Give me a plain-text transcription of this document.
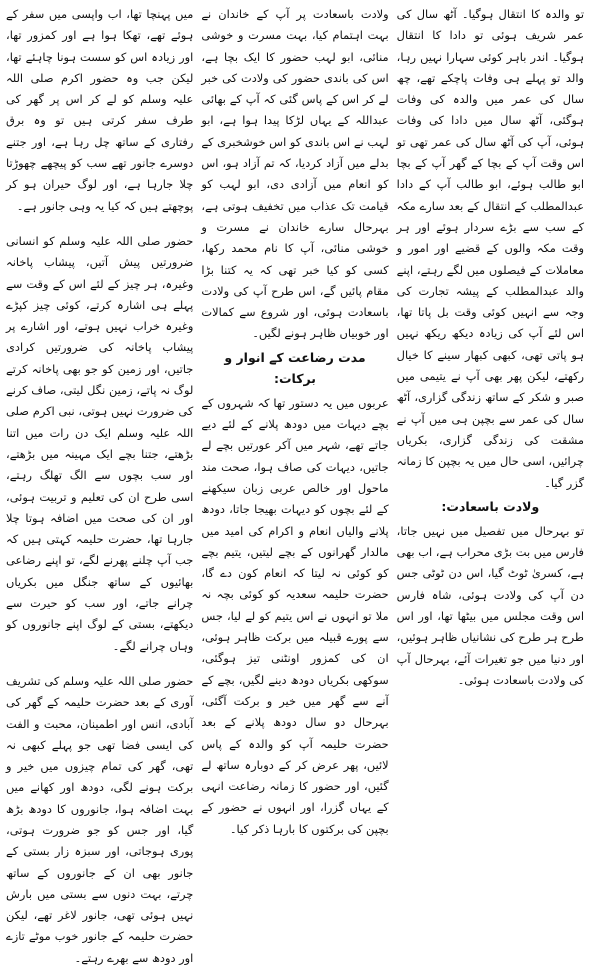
تو والدہ کا انتقال ہوگیا۔ آٹھ سال کی عمر شریف ہوئی تو دادا کا انتقال ہوگیا۔ اندر باہر کوئی سہارا نہیں رہا، والد تو پہلے ہی وفات پاچکے تھے، چھ سال کی عمر میں والدہ کی وفات ہوگئی، آٹھ سال میں دادا کی وفات ہوئی، آپ کی آٹھ سال کی عمر تھی تو اس وقت آپ کے بچا کے گھر آپ کے بچا ابو طالب ہوئے، ابو طالب آپ کے دادا عبدالمطلب کے انتقال کے بعد سارے مکہ کے سب سے بڑے سردار ہوئے اور ہر وقت مکہ والوں کے قضیے اور امور و معاملات کے فیصلوں میں لگے رہتے، اپنے والد عبدالمطلب کے پیشہ تجارت کی وجہ سے انہیں کوئی وقت بل پاتا تھا، اس لئے آپ کی زیادہ دیکھ ریکھ نہیں ہو پاتی تھی، کبھی کبھار سینے کا خیال رکھتے، لیکن پھر بھی آپ نے یتیمی میں صبر و شکر کے ساتھ زندگی گزاری، آٹھ سال کی عمر سے بچپن ہی میں آپ نے مشقت کی زندگی گزاری، بکریاں چرائیں، اسی حال میں یہ بچپن کا زمانہ گزر گیا۔

ولادت باسعادت:

تو بہرحال میں تفصیل میں نہیں جاتا، فارس میں بت بڑی محراب ہے، اب بھی ہے، کسریٰ ٹوٹ گیا، اس دن ٹوٹی جس دن آپ کی ولادت ہوئی، شاہ فارس اس وقت مجلس میں بیٹھا تھا، اور اس طرح ہر طرح کی نشانیاں ظاہر ہوئیں، اور دنیا میں جو تغیرات آئے، بہرحال آپ کی ولادت باسعادت ہوئی۔

ولادت باسعادت پر آپ کے خاندان نے بہت اہتمام کیا، بہت مسرت و خوشی منائی، ابو لہب حضور کا ایک بچا ہے، اس کی باندی حضور کی ولادت کی خبر لے کر اس کے پاس گئی کہ آپ کے بھائی عبداللہ کے یہاں لڑکا پیدا ہوا ہے، ابو لہب نے اس باندی کو اس خوشخبری کے بدلے میں آزاد کردیا، کہ تم آزاد ہو، اس کو انعام میں آزادی دی، ابو لہب کو قیامت تک عذاب میں تخفیف ہوتی ہے، بہرحال سارے خاندان نے مسرت و خوشی منائی، آپ کا نام محمد رکھا، کسی کو کیا خبر تھی کہ یہ کتنا بڑا مقام پائیں گے، اس طرح آپ کی ولادت باسعادت ہوئی، اور شروع سے کمالات اور خوبیاں ظاہر ہونے لگیں۔

مدت رضاعت کے انوار و برکات:

عربوں میں یہ دستور تھا کہ شہروں کے بچے دیہات میں دودھ پلانے کے لئے دیے جاتے تھے، شہر میں آکر عورتیں بچے لے جاتیں، دیہات کی صاف ہوا، صحت مند ماحول اور خالص عربی زبان سیکھنے کے لئے بچوں کو دیہات بھیجا جاتا، دودھ پلانے والیاں انعام و اکرام کی امید میں مالدار گھرانوں کے بچے لیتیں، یتیم بچے کو کوئی نہ لیتا کہ انعام کون دے گا، حضرت حلیمہ سعدیہ کو کوئی بچہ نہ ملا تو انہوں نے اس یتیم کو لے لیا، جس سے پورے قبیلہ میں برکت ظاہر ہوئی، ان کی کمزور اونٹنی تیز ہوگئی، سوکھی بکریاں دودھ دینے لگیں، بچے کے آنے سے گھر میں خیر و برکت آگئی، بہرحال دو سال دودھ پلانے کے بعد حضرت حلیمہ آپ کو والدہ کے پاس لائیں، پھر عرض کر کے دوبارہ ساتھ لے گئیں، اور حضور کا زمانہ رضاعت انہی کے یہاں گزرا، اور انہوں نے حضور کے بچپن کی برکتوں کا بارہا ذکر کیا۔

میں پہنچا تھا، اب واپسی میں سفر کے ہوئے تھے، تھکا ہوا ہے اور کمزور تھا، اور زیادہ اس کو سست ہونا چاہئے تھا، لیکن جب وہ حضور اکرم صلی اللہ علیہ وسلم کو لے کر اس پر گھر کی طرف سفر کرتی ہیں تو وہ برق رفتاری کے ساتھ چل رہا ہے، اور جتنے دوسرے جانور تھے سب کو پیچھے چھوڑتا چلا جارہا ہے، اور لوگ حیران ہو کر پوچھتے ہیں کہ کیا یہ وہی جانور ہے۔

حضور صلی اللہ علیہ وسلم کو انسانی ضرورتیں پیش آتیں، پیشاب پاخانہ وغیرہ، ہر چیز کے لئے اس کے وقت سے پہلے ہی اشارہ کرتے، کوئی چیز کپڑے وغیرہ خراب نہیں ہوتے، اور اشارے پر پیشاب پاخانہ کی ضرورتیں کرادی جاتیں، اور زمین کو جو بھی پاخانہ کرتے لوگ نہ پاتے، زمین نگل لیتی، صاف کرنے کی ضرورت نہیں ہوتی، نبی اکرم صلی اللہ علیہ وسلم ایک دن رات میں اتنا بڑھتے، جتنا بچے ایک مہینہ میں بڑھتے، اور سب بچوں سے الگ تھلگ رہتے، اسی طرح ان کی تعلیم و تربیت ہوئی، اور ان کی صحت میں اضافہ ہوتا چلا جارہا تھا، حضرت حلیمہ کہتی ہیں کہ جب آپ چلنے پھرنے لگے، تو اپنے رضاعی بھائیوں کے ساتھ جنگل میں بکریاں چرانے جاتے، اور سب کو حیرت سے دیکھتے، بستی کے لوگ اپنے جانوروں کو وہاں چرانے لگے۔

حضور صلی اللہ علیہ وسلم کی تشریف آوری کے بعد حضرت حلیمہ کے گھر کی آبادی، انس اور اطمینان، محبت و الفت کی ایسی فضا تھی جو پہلے کبھی نہ تھی، گھر کی تمام چیزوں میں خیر و برکت ہونے لگی، دودھ اور کھانے میں بہت اضافہ ہوا، جانوروں کا دودھ بڑھ گیا، اور جس کو جو ضرورت ہوتی، پوری ہوجاتی، اور سبزہ زار بستی کے جانور بھی ان کے جانوروں کے ساتھ چرتے، بہت دنوں سے بستی میں بارش نہیں ہوئی تھی، جانور لاغر تھے، لیکن حضرت حلیمہ کے جانور خوب موٹے تازے اور دودھ سے بھرے رہتے۔
